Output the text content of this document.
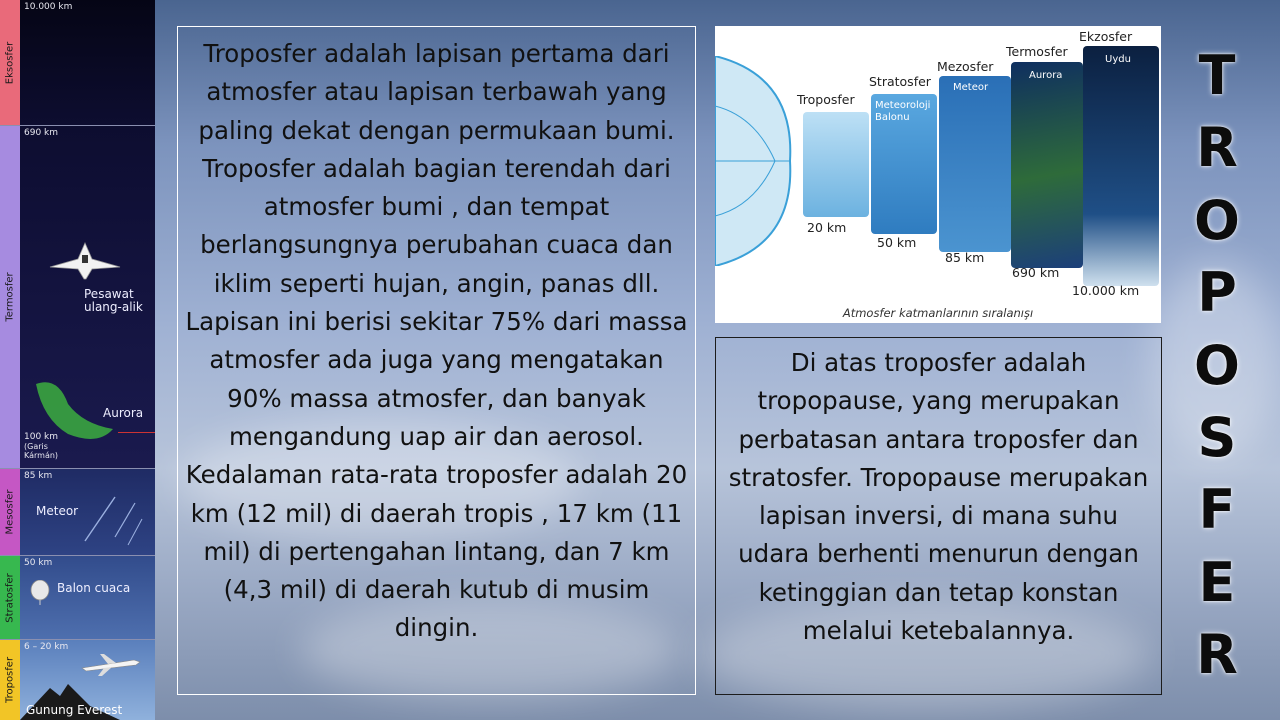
Eksosfer
10.000 km
Termosfer
690 km
Pesawat
ulang-alik
Aurora
100 km
(Garis
Kármán)
Mesosfer
85 km
Meteor
Stratosfer
50 km
Balon cuaca
Troposfer
6 – 20 km
Gunung Everest

Troposfer adalah lapisan pertama dari atmosfer atau lapisan terbawah yang paling dekat dengan permukaan bumi. Troposfer adalah bagian terendah dari atmosfer bumi , dan tempat berlangsungnya perubahan cuaca dan iklim seperti hujan, angin, panas dll. Lapisan ini berisi sekitar 75% dari massa atmosfer ada juga yang mengatakan 90% massa atmosfer, dan banyak mengandung uap air dan aerosol. Kedalaman rata-rata troposfer adalah 20 km (12 mil) di daerah tropis , 17 km (11 mil) di pertengahan lintang, dan 7 km (4,3 mil) di daerah kutub di musim dingin.

Meteoroloji
Balonu
Meteor
Aurora
Uydu
Troposfer
Stratosfer
Mezosfer
Termosfer
Ekzosfer
20 km
50 km
85 km
690 km
10.000 km
Atmosfer katmanlarının sıralanışı

Di atas troposfer adalah tropopause, yang merupakan perbatasan antara troposfer dan stratosfer. Tropopause merupakan lapisan inversi, di mana suhu udara berhenti menurun dengan ketinggian dan tetap konstan melalui ketebalannya.

T
R
O
P
O
S
F
E
R
